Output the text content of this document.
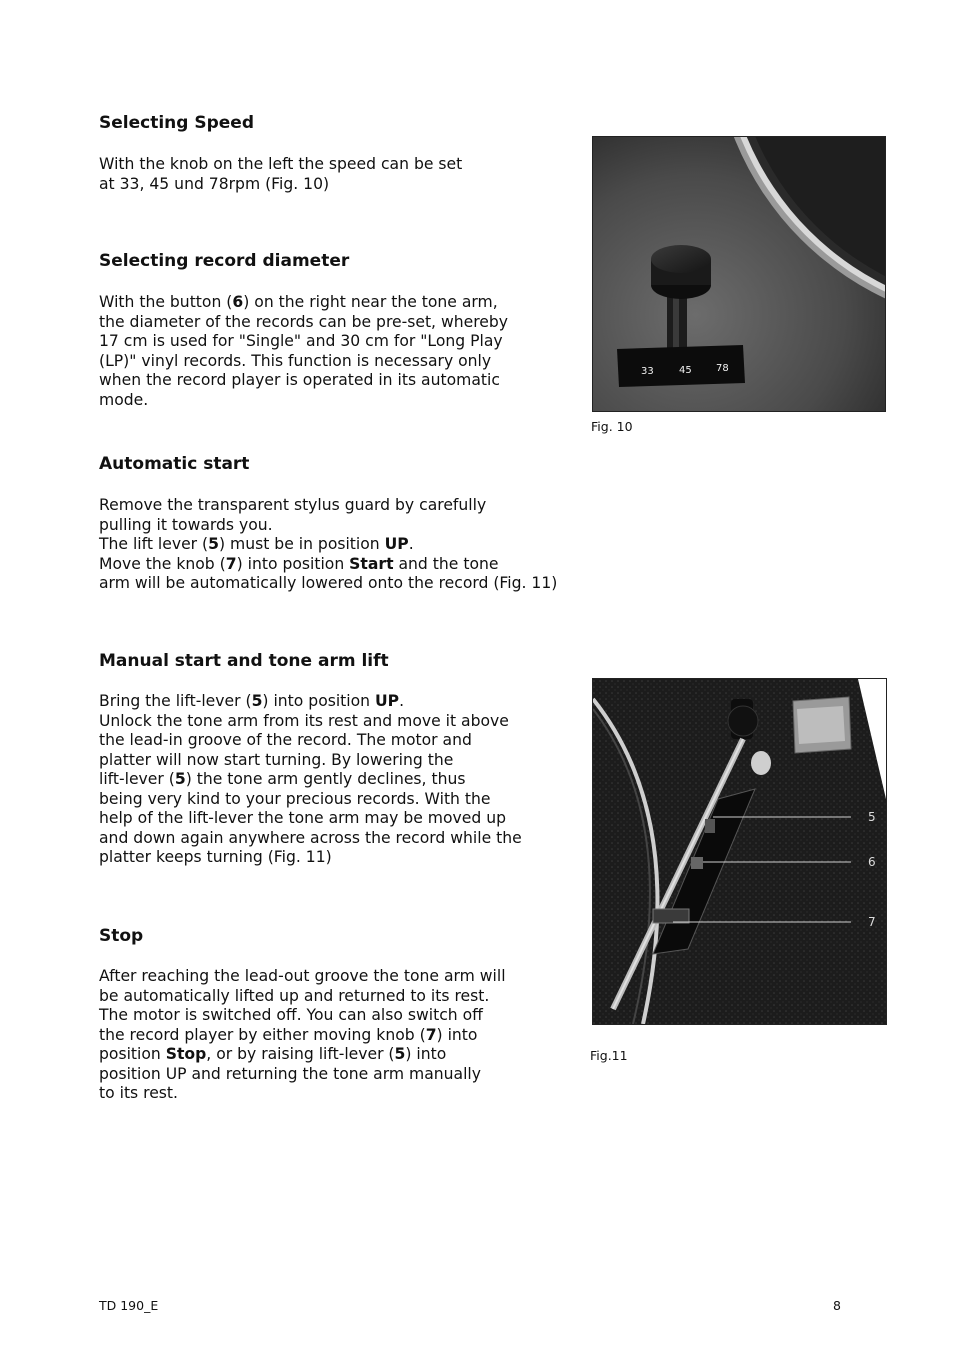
Selecting Speed
With the knob on the left the speed can be set
at 33, 45 und 78rpm (Fig. 10)
Selecting record diameter
With the button (6) on the right near the tone arm,
the diameter of the records can be pre-set, whereby
17 cm is used for "Single" and 30 cm for "Long Play
(LP)" vinyl records. This function is necessary only
when the record player is operated in its automatic
mode.
Automatic start
Remove the transparent stylus guard by carefully
pulling it towards you.
The lift lever (5) must be in position UP.
Move the knob (7) into position Start and the tone
arm will be automatically lowered onto the record (Fig. 11)
Manual start and tone arm lift
Bring the lift-lever (5) into position UP.
Unlock the tone arm from its rest and move it above
the lead-in groove of the record. The motor and
platter will now start turning. By lowering the
lift-lever (5) the tone arm gently declines, thus
being very kind to your precious records. With the
help of the lift-lever the tone arm may be moved up
and down again anywhere across the record while the
platter keeps turning (Fig. 11)
Stop
After reaching the lead-out groove the tone arm will
be automatically lifted up and returned to its rest.
The motor is switched off. You can also switch off
the record player by either moving knob (7) into
position Stop, or by raising lift-lever (5) into
position UP and returning the tone arm manually
to its rest.
33	45 78
Fig. 10
5
6
7
Fig.11
TD 190_E	8
